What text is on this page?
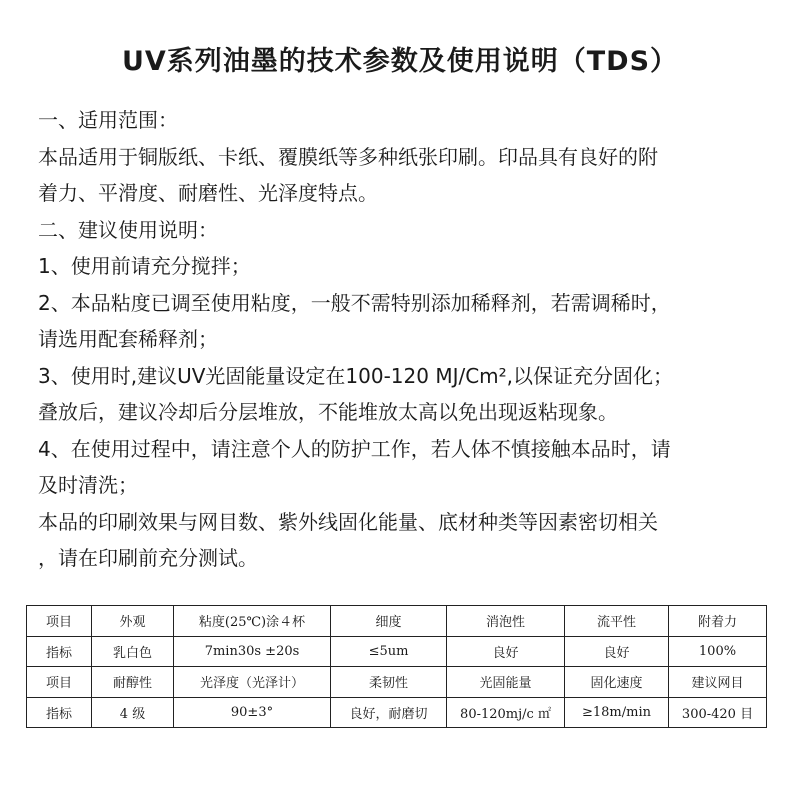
UV系列油墨的技术参数及使用说明（TDS）
一、适用范围：
本品适用于铜版纸、卡纸、覆膜纸等多种纸张印刷。印品具有良好的附
着力、平滑度、耐磨性、光泽度特点。
二、建议使用说明：
1、使用前请充分搅拌；
2、本品粘度已调至使用粘度，一般不需特别添加稀释剂，若需调稀时，
请选用配套稀释剂；
3、使用时,建议UV光固能量设定在100-120 MJ/Cm²,以保证充分固化；
叠放后，建议冷却后分层堆放，不能堆放太高以免出现返粘现象。
4、在使用过程中，请注意个人的防护工作，若人体不慎接触本品时，请
及时清洗；
本品的印刷效果与网目数、紫外线固化能量、底材种类等因素密切相关
，请在印刷前充分测试。
项目	外观	粘度(25℃)涂４杯	细度	消泡性	流平性	附着力
指标	乳白色	7min30s ±20s	≤5um	良好	良好	100%
项目	耐醇性	光泽度（光泽计）	柔韧性	光固能量	固化速度	建议网目
指标	4 级	90±3°	良好，耐磨切	80-120mj/c ㎡	≥18m/min	300-420 目
